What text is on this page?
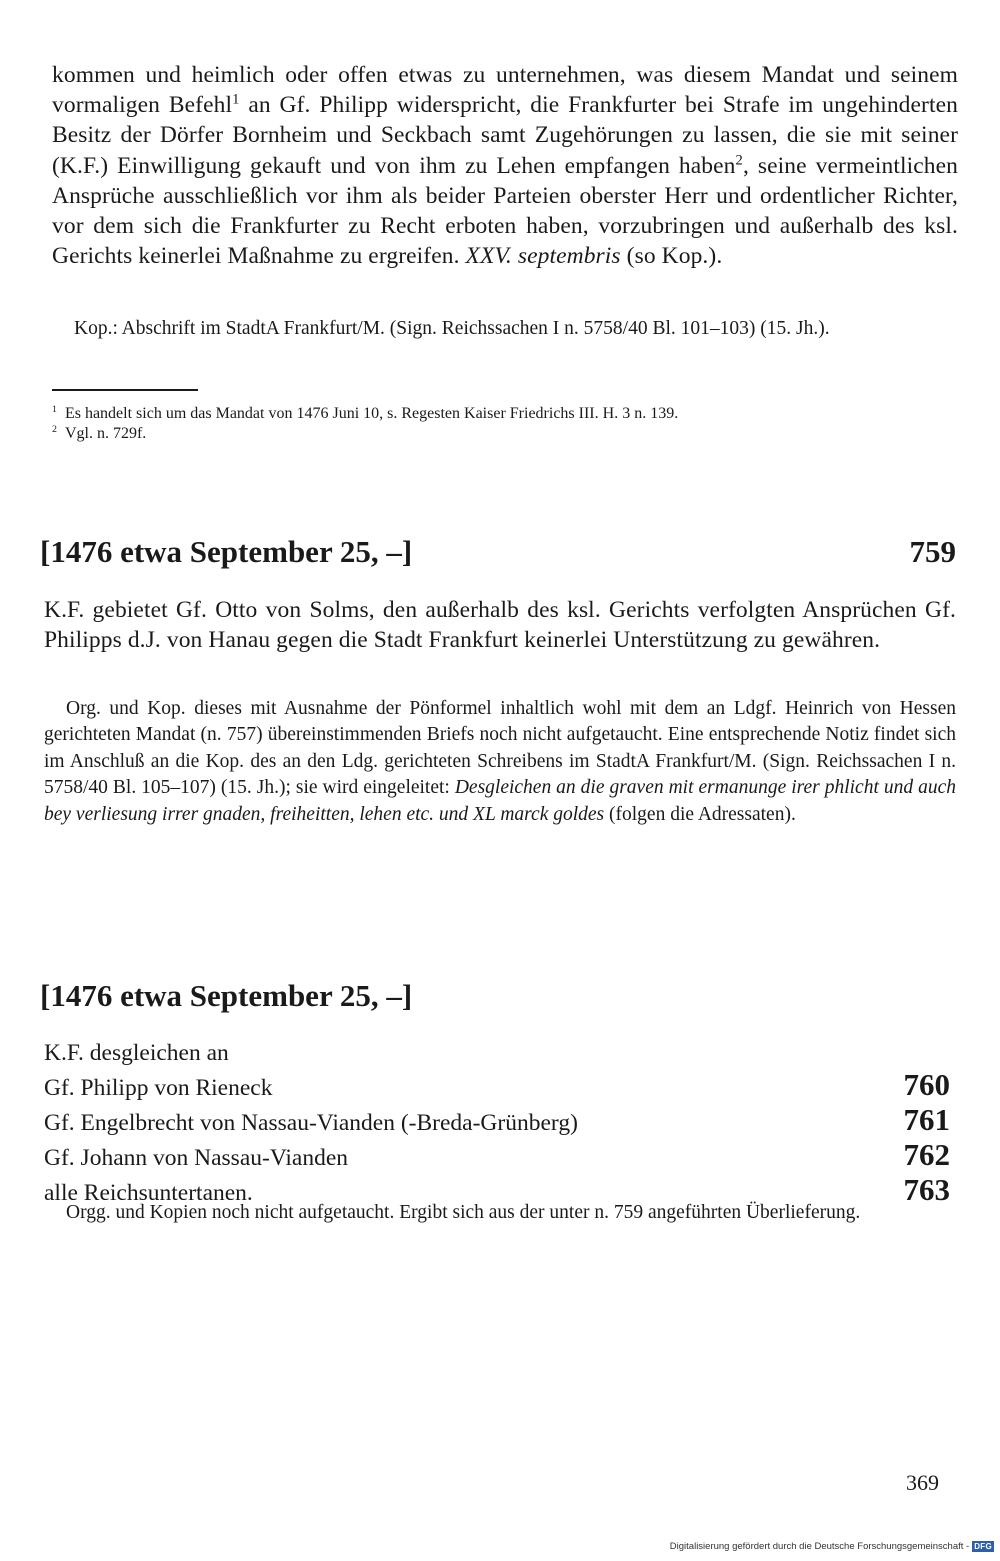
kommen und heimlich oder offen etwas zu unternehmen, was diesem Mandat und seinem vormaligen Befehl$^1$ an Gf. Philipp widerspricht, die Frankfurter bei Strafe im ungehinderten Besitz der Dörfer Bornheim und Seckbach samt Zugehörungen zu lassen, die sie mit seiner (K.F.) Einwilligung gekauft und von ihm zu Lehen empfangen haben$^2$, seine vermeintlichen Ansprüche ausschließlich vor ihm als beider Parteien oberster Herr und ordentlicher Richter, vor dem sich die Frankfurter zu Recht erboten haben, vorzubringen und außerhalb des ksl. Gerichts keinerlei Maßnahme zu ergreifen. XXV. septembris (so Kop.).
Kop.: Abschrift im StadtA Frankfurt/M. (Sign. Reichssachen I n. 5758/40 Bl. 101–103) (15. Jh.).
$^1$ Es handelt sich um das Mandat von 1476 Juni 10, s. Regesten Kaiser Friedrichs III. H. 3 n. 139.
$^2$ Vgl. n. 729f.
[1476 etwa September 25, –]	759
K.F. gebietet Gf. Otto von Solms, den außerhalb des ksl. Gerichts verfolgten Ansprüchen Gf. Philipps d.J. von Hanau gegen die Stadt Frankfurt keinerlei Unterstützung zu gewähren.
Org. und Kop. dieses mit Ausnahme der Pönformel inhaltlich wohl mit dem an Ldgf. Heinrich von Hessen gerichteten Mandat (n. 757) übereinstimmenden Briefs noch nicht aufgetaucht. Eine entsprechende Notiz findet sich im Anschluß an die Kop. des an den Ldg. gerichteten Schreibens im StadtA Frankfurt/M. (Sign. Reichssachen I n. 5758/40 Bl. 105–107) (15. Jh.); sie wird eingeleitet: Desgleichen an die graven mit ermanunge irer phlicht und auch bey verliesung irrer gnaden, freiheitten, lehen etc. und XL marck goldes (folgen die Adressaten).
[1476 etwa September 25, –]
K.F. desgleichen an
Gf. Philipp von Rieneck	760
Gf. Engelbrecht von Nassau-Vianden (-Breda-Grünberg)	761
Gf. Johann von Nassau-Vianden	762
alle Reichsuntertanen.	763
Orgg. und Kopien noch nicht aufgetaucht. Ergibt sich aus der unter n. 759 angeführten Überlieferung.
369
Digitalisierung gefördert durch die Deutsche Forschungsgemeinschaft - DFG
